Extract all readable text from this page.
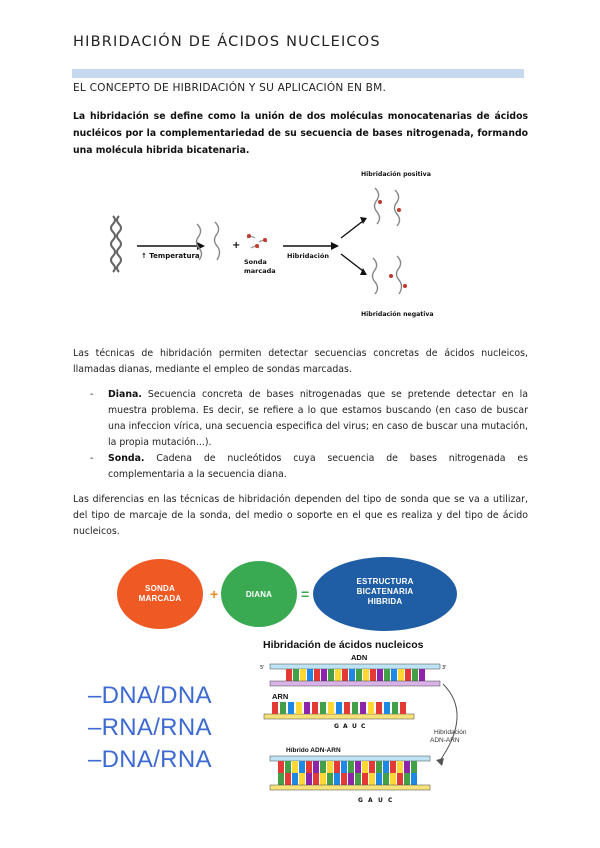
HIBRIDACIÓN DE ÁCIDOS NUCLEICOS
EL CONCEPTO DE HIBRIDACIÓN Y SU APLICACIÓN EN BM.

La hibridación se define como la unión de dos moléculas monocatenarias de ácidos nucléicos por la complementariedad de su secuencia de bases nitrogenada, formando una molécula hibrida bicatenaria.

↑ Temperatura
+
Sonda
marcada
Hibridación
Hibridación positiva
Hibridación negativa

Las técnicas de hibridación permiten detectar secuencias concretas de ácidos nucleicos, llamadas dianas, mediante el empleo de sondas marcadas.

- Diana. Secuencia concreta de bases nitrogenadas que se pretende detectar en la muestra problema. Es decir, se refiere a lo que estamos buscando (en caso de buscar una infeccion vírica, una secuencia especifica del virus; en caso de buscar una mutación, la propia mutación...).
- Sonda. Cadena de nucleótidos cuya secuencia de bases nitrogenada es complementaria a la secuencia diana.

Las diferencias en las técnicas de hibridación dependen del tipo de sonda que se va a utilizar, del tipo de marcaje de la sonda, del medio o soporte en el que es realiza y del tipo de ácido nucleicos.

SONDA
MARCADA +	DIANA =
ESTRUCTURA
BICATENARIA
HIBRIDA
–DNA/DNA
–RNA/RNA
–DNA/RNA
Hibridación de ácidos nucleicos
ADN
5'	3'
ARN
G A U C
Hibridación
ADN-ARN
Híbrido ADN-ARN
G A U C
